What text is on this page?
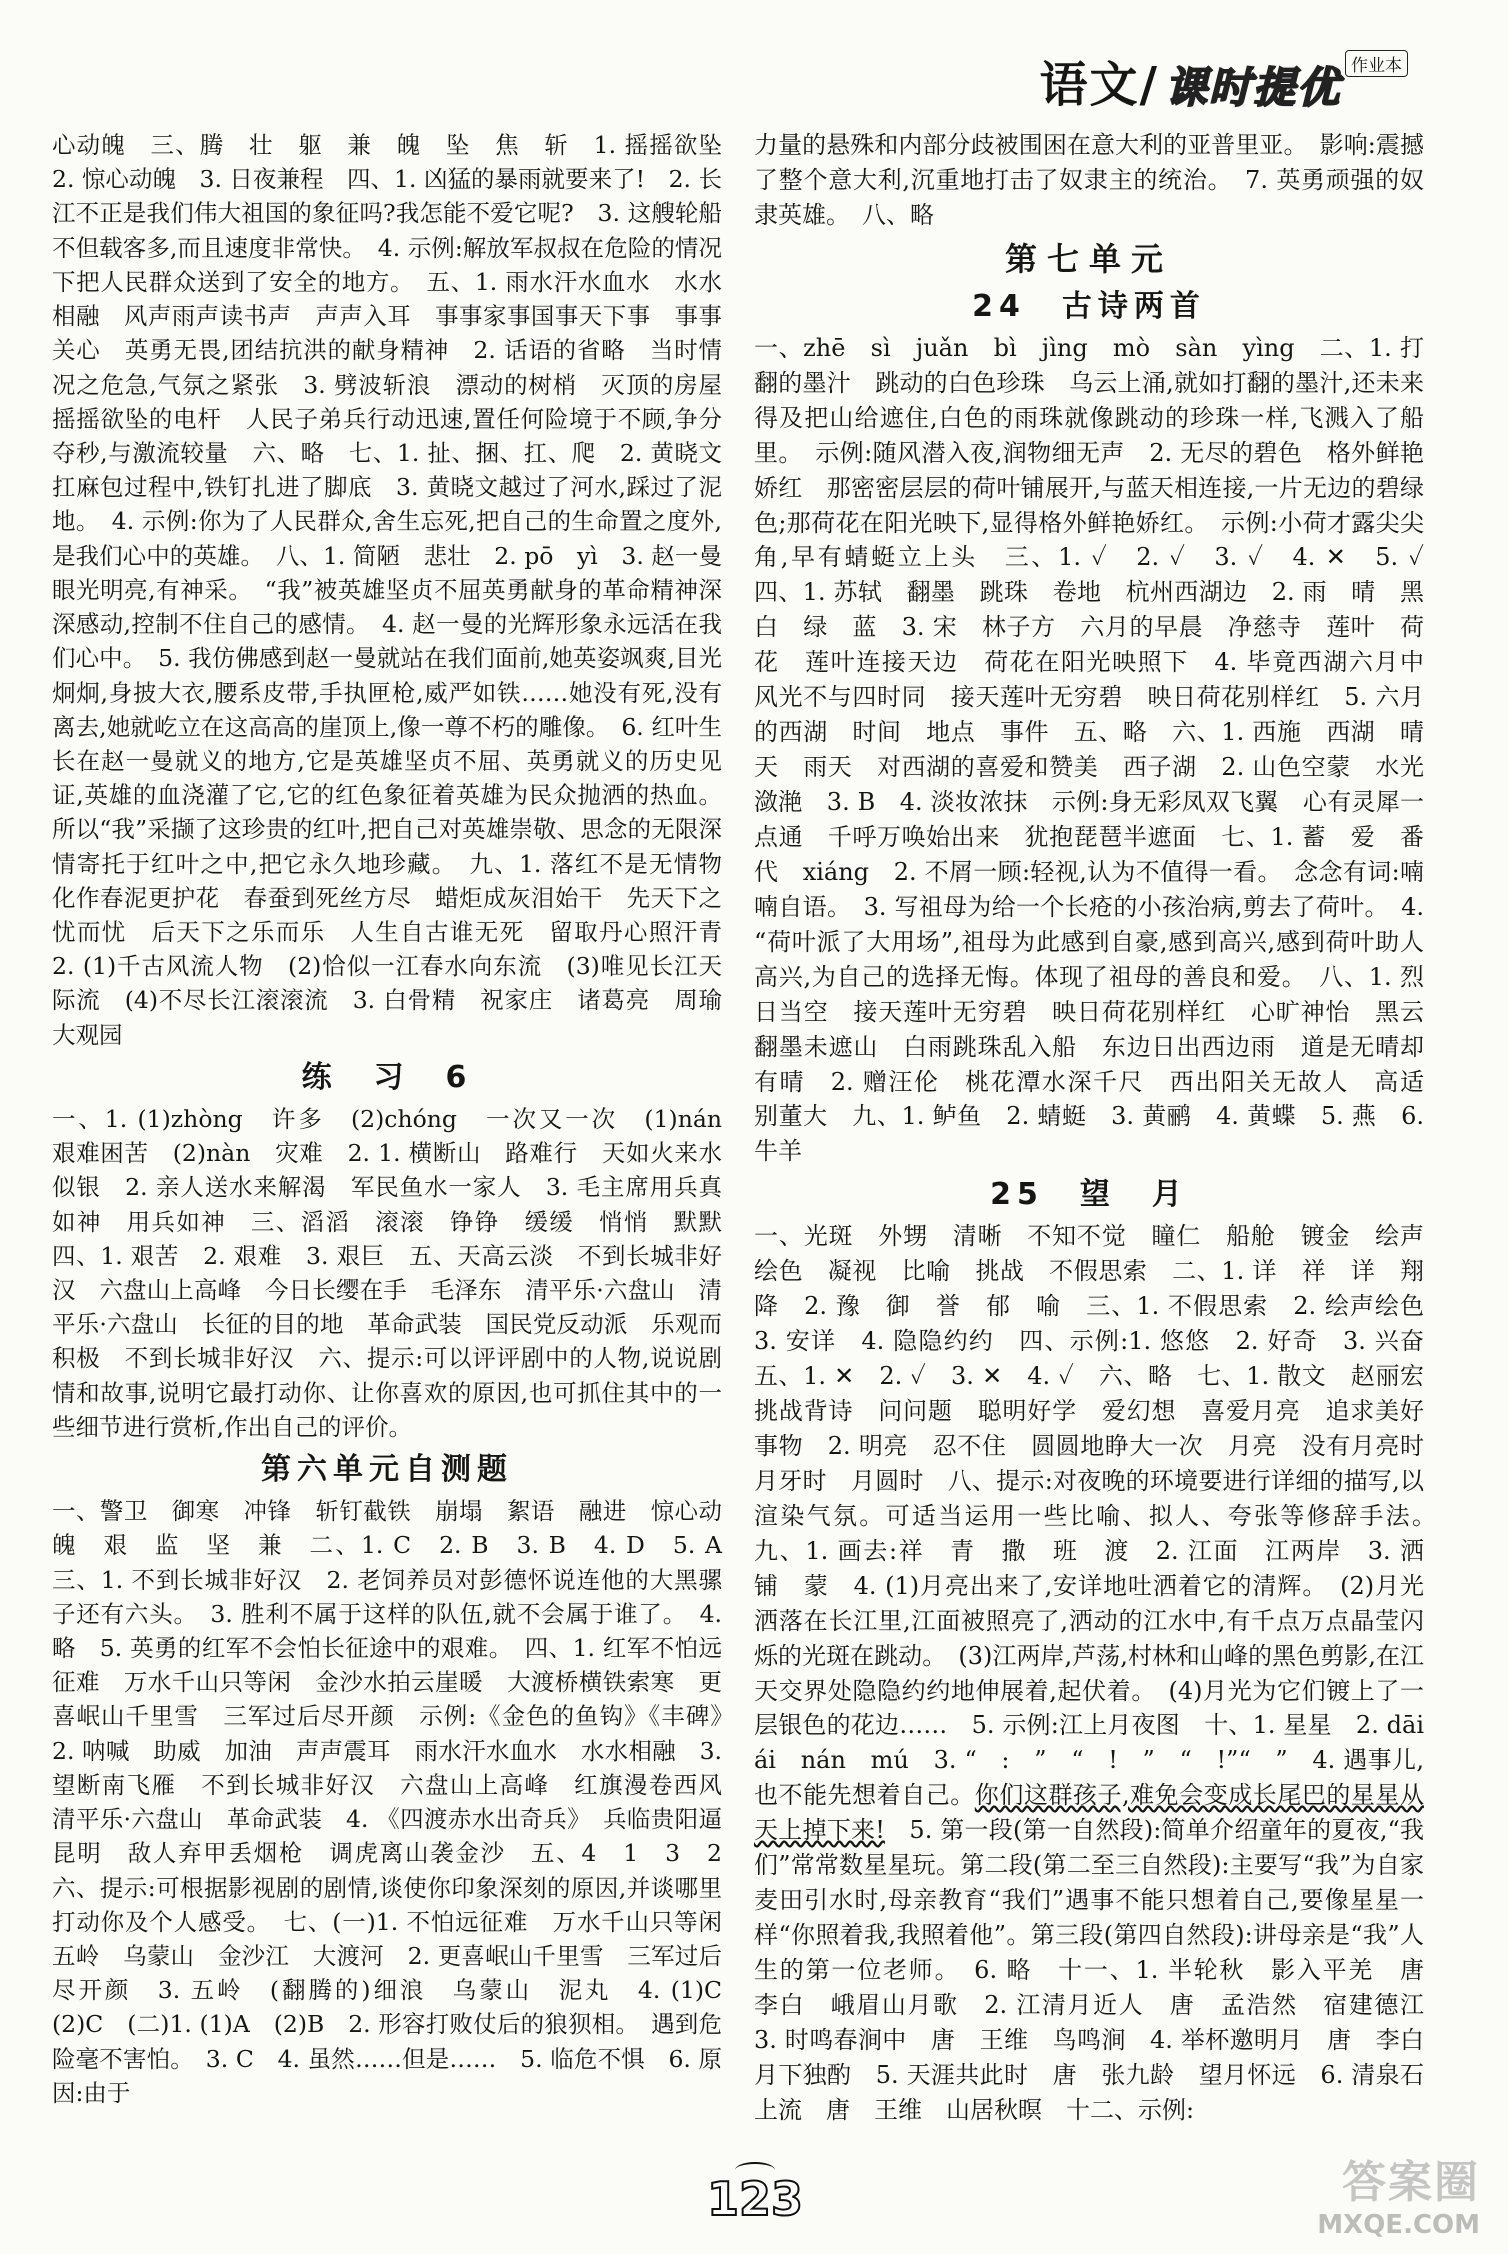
语文/ 课时提优 作业本

心动魄　三、腾　壮　躯　兼　魄　坠　焦　斩　1. 摇摇欲坠　2. 惊心动魄　3. 日夜兼程　四、1. 凶猛的暴雨就要来了!　2. 长江不正是我们伟大祖国的象征吗?我怎能不爱它呢?　3. 这艘轮船不但载客多,而且速度非常快。　4. 示例:解放军叔叔在危险的情况下把人民群众送到了安全的地方。　五、1. 雨水汗水血水　水水相融　风声雨声读书声　声声入耳　事事家事国事天下事　事事关心　英勇无畏,团结抗洪的献身精神　2. 话语的省略　当时情况之危急,气氛之紧张　3. 劈波斩浪　漂动的树梢　灭顶的房屋　摇摇欲坠的电杆　人民子弟兵行动迅速,置任何险境于不顾,争分夺秒,与激流较量　六、略　七、1. 扯、捆、扛、爬　2. 黄晓文扛麻包过程中,铁钉扎进了脚底　3. 黄晓文越过了河水,踩过了泥地。　4. 示例:你为了人民群众,舍生忘死,把自己的生命置之度外,是我们心中的英雄。　八、1. 简陋　悲壮　2. pō　yì　3. 赵一曼眼光明亮,有神采。　“我”被英雄坚贞不屈英勇献身的革命精神深深感动,控制不住自己的感情。　4. 赵一曼的光辉形象永远活在我们心中。　5. 我仿佛感到赵一曼就站在我们面前,她英姿飒爽,目光炯炯,身披大衣,腰系皮带,手执匣枪,威严如铁……她没有死,没有离去,她就屹立在这高高的崖顶上,像一尊不朽的雕像。　6. 红叶生长在赵一曼就义的地方,它是英雄坚贞不屈、英勇就义的历史见证,英雄的血浇灌了它,它的红色象征着英雄为民众抛洒的热血。所以“我”采撷了这珍贵的红叶,把自己对英雄崇敬、思念的无限深情寄托于红叶之中,把它永久地珍藏。　九、1. 落红不是无情物　化作春泥更护花　春蚕到死丝方尽　蜡炬成灰泪始干　先天下之忧而忧　后天下之乐而乐　人生自古谁无死　留取丹心照汗青　2. (1)千古风流人物　(2)恰似一江春水向东流　(3)唯见长江天际流　(4)不尽长江滚滚流　3. 白骨精　祝家庄　诸葛亮　周瑜　大观园

练　习　6

一、1. (1)zhòng　许多　(2)chóng　一次又一次　(1)nán　艰难困苦　(2)nàn　灾难　2. 1. 横断山　路难行　天如火来水似银　2. 亲人送水来解渴　军民鱼水一家人　3. 毛主席用兵真如神　用兵如神　三、滔滔　滚滚　铮铮　缓缓　悄悄　默默　四、1. 艰苦　2. 艰难　3. 艰巨　五、天高云淡　不到长城非好汉　六盘山上高峰　今日长缨在手　毛泽东　清平乐·六盘山　清平乐·六盘山　长征的目的地　革命武装　国民党反动派　乐观而积极　不到长城非好汉　六、提示:可以评评剧中的人物,说说剧情和故事,说明它最打动你、让你喜欢的原因,也可抓住其中的一些细节进行赏析,作出自己的评价。

第六单元自测题

一、警卫　御寒　冲锋　斩钉截铁　崩塌　絮语　融进　惊心动魄　艰　监　坚　兼　二、1. C　2. B　3. B　4. D　5. A　三、1. 不到长城非好汉　2. 老饲养员对彭德怀说连他的大黑骡子还有六头。　3. 胜利不属于这样的队伍,就不会属于谁了。　4. 略　5. 英勇的红军不会怕长征途中的艰难。　四、1. 红军不怕远征难　万水千山只等闲　金沙水拍云崖暖　大渡桥横铁索寒　更喜岷山千里雪　三军过后尽开颜　示例:《金色的鱼钩》《丰碑》　2. 呐喊　助威　加油　声声震耳　雨水汗水血水　水水相融　3. 望断南飞雁　不到长城非好汉　六盘山上高峰　红旗漫卷西风　清平乐·六盘山　革命武装　4. 《四渡赤水出奇兵》　兵临贵阳逼昆明　敌人弃甲丢烟枪　调虎离山袭金沙　五、4　1　3　2　六、提示:可根据影视剧的剧情,谈使你印象深刻的原因,并谈哪里打动你及个人感受。　七、(一)1. 不怕远征难　万水千山只等闲　五岭　乌蒙山　金沙江　大渡河　2. 更喜岷山千里雪　三军过后尽开颜　3. 五岭　(翻腾的)细浪　乌蒙山　泥丸　4. (1)C　(2)C　(二)1. (1)A　(2)B　2. 形容打败仗后的狼狈相。　遇到危险毫不害怕。　3. C　4. 虽然……但是……　5. 临危不惧　6. 原因:由于

力量的悬殊和内部分歧被围困在意大利的亚普里亚。　影响:震撼了整个意大利,沉重地打击了奴隶主的统治。　7. 英勇顽强的奴隶英雄。　八、略

第七单元
24　古诗两首

一、zhē　sì　juǎn　bì　jìng　mò　sàn　yìng　二、1. 打翻的墨汁　跳动的白色珍珠　乌云上涌,就如打翻的墨汁,还未来得及把山给遮住,白色的雨珠就像跳动的珍珠一样,飞溅入了船里。　示例:随风潜入夜,润物细无声　2. 无尽的碧色　格外鲜艳娇红　那密密层层的荷叶铺展开,与蓝天相连接,一片无边的碧绿色;那荷花在阳光映下,显得格外鲜艳娇红。　示例:小荷才露尖尖角,早有蜻蜓立上头　三、1. ✓　2. ✓　3. ✓　4. ✕　5. ✓　四、1. 苏轼　翻墨　跳珠　卷地　杭州西湖边　2. 雨　晴　黑　白　绿　蓝　3. 宋　林子方　六月的早晨　净慈寺　莲叶　荷花　莲叶连接天边　荷花在阳光映照下　4. 毕竟西湖六月中　风光不与四时同　接天莲叶无穷碧　映日荷花别样红　5. 六月的西湖　时间　地点　事件　五、略　六、1. 西施　西湖　晴天　雨天　对西湖的喜爱和赞美　西子湖　2. 山色空蒙　水光潋滟　3. B　4. 淡妆浓抹　示例:身无彩凤双飞翼　心有灵犀一点通　千呼万唤始出来　犹抱琵琶半遮面　七、1. 蓄　爱　番　代　xiáng　2. 不屑一顾:轻视,认为不值得一看。　念念有词:喃喃自语。　3. 写祖母为给一个长疮的小孩治病,剪去了荷叶。　4. “荷叶派了大用场”,祖母为此感到自豪,感到高兴,感到荷叶助人高兴,为自己的选择无悔。体现了祖母的善良和爱。　八、1. 烈日当空　接天莲叶无穷碧　映日荷花别样红　心旷神怡　黑云翻墨未遮山　白雨跳珠乱入船　东边日出西边雨　道是无晴却有晴　2. 赠汪伦　桃花潭水深千尺　西出阳关无故人　高适　别董大　九、1. 鲈鱼　2. 蜻蜓　3. 黄鹂　4. 黄蝶　5. 燕　6. 牛羊

25　望　月

一、光斑　外甥　清晰　不知不觉　瞳仁　船舱　镀金　绘声绘色　凝视　比喻　挑战　不假思索　二、1. 详　祥　详　翔　降　2. 豫　御　誉　郁　喻　三、1. 不假思索　2. 绘声绘色　3. 安详　4. 隐隐约约　四、示例:1. 悠悠　2. 好奇　3. 兴奋　五、1. ✕　2. ✓　3. ✕　4. ✓　六、略　七、1. 散文　赵丽宏　挑战背诗　问问题　聪明好学　爱幻想　喜爱月亮　追求美好事物　2. 明亮　忍不住　圆圆地睁大一次　月亮　没有月亮时　月牙时　月圆时　八、提示:对夜晚的环境要进行详细的描写,以渲染气氛。可适当运用一些比喻、拟人、夸张等修辞手法。　九、1. 画去:祥　青　撒　班　渡　2. 江面　江两岸　3. 洒　铺　蒙　4. (1)月亮出来了,安详地吐洒着它的清辉。　(2)月光洒落在长江里,江面被照亮了,洒动的江水中,有千点万点晶莹闪烁的光斑在跳动。　(3)江两岸,芦荡,村林和山峰的黑色剪影,在江天交界处隐隐约约地伸展着,起伏着。　(4)月光为它们镀上了一层银色的花边……　5. 示例:江上月夜图　十、1. 星星　2. dāi　ái　nán　mú　3. “　:　”　“　!　”　“　!”“　”　4. 遇事儿,也不能先想着自己。你们这群孩子,难免会变成长尾巴的星星从天上掉下来!　5. 第一段(第一自然段):简单介绍童年的夏夜,“我们”常常数星星玩。第二段(第二至三自然段):主要写“我”为自家麦田引水时,母亲教育“我们”遇事不能只想着自己,要像星星一样“你照着我,我照着他”。第三段(第四自然段):讲母亲是“我”人生的第一位老师。　6. 略　十一、1. 半轮秋　影入平羌　唐　李白　峨眉山月歌　2. 江清月近人　唐　孟浩然　宿建德江　3. 时鸣春涧中　唐　王维　鸟鸣涧　4. 举杯邀明月　唐　李白　月下独酌　5. 天涯共此时　唐　张九龄　望月怀远　6. 清泉石上流　唐　王维　山居秋暝　十二、示例:

123	答案圈
MXQE.COM
